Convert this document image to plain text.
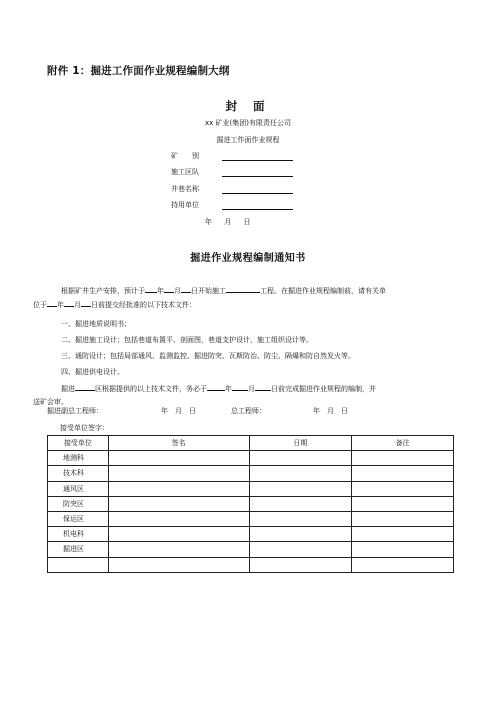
附件 1：掘进工作面作业规程编制大纲
封 面
xx 矿业(集团)有限责任公司
掘进工作面作业规程
矿　　别
施工区队
井巷名称
持用单位
年 月 日
掘进作业规程编制通知书
根据矿井生产安排，预计于 年 月 日开始施工	工程。在掘进作业规程编制前，请有关单
位于 年 月 日前提交经批准的以下技术文件：
一、掘进地质说明书；
二、掘进施工设计；包括巷道布置平、剖面图，巷道支护设计，施工组织设计等。
三、通防设计；包括局部通风、监测监控、掘进防突、瓦斯防治、防尘、隔爆和防自然发火等。
四、掘进供电设计。
掘进	区根据提供的以上技术文件，务必于	年 月 日前完成掘进作业规程的编制，并
送矿会审。
掘进副总工程师：	年　月　日	总工程师：	年　月　日
接受单位签字：
接受单位	签名	日期	备注
地测科			
技术科			
通风区			
防突区			
保运区			
机电科			
掘进区			
